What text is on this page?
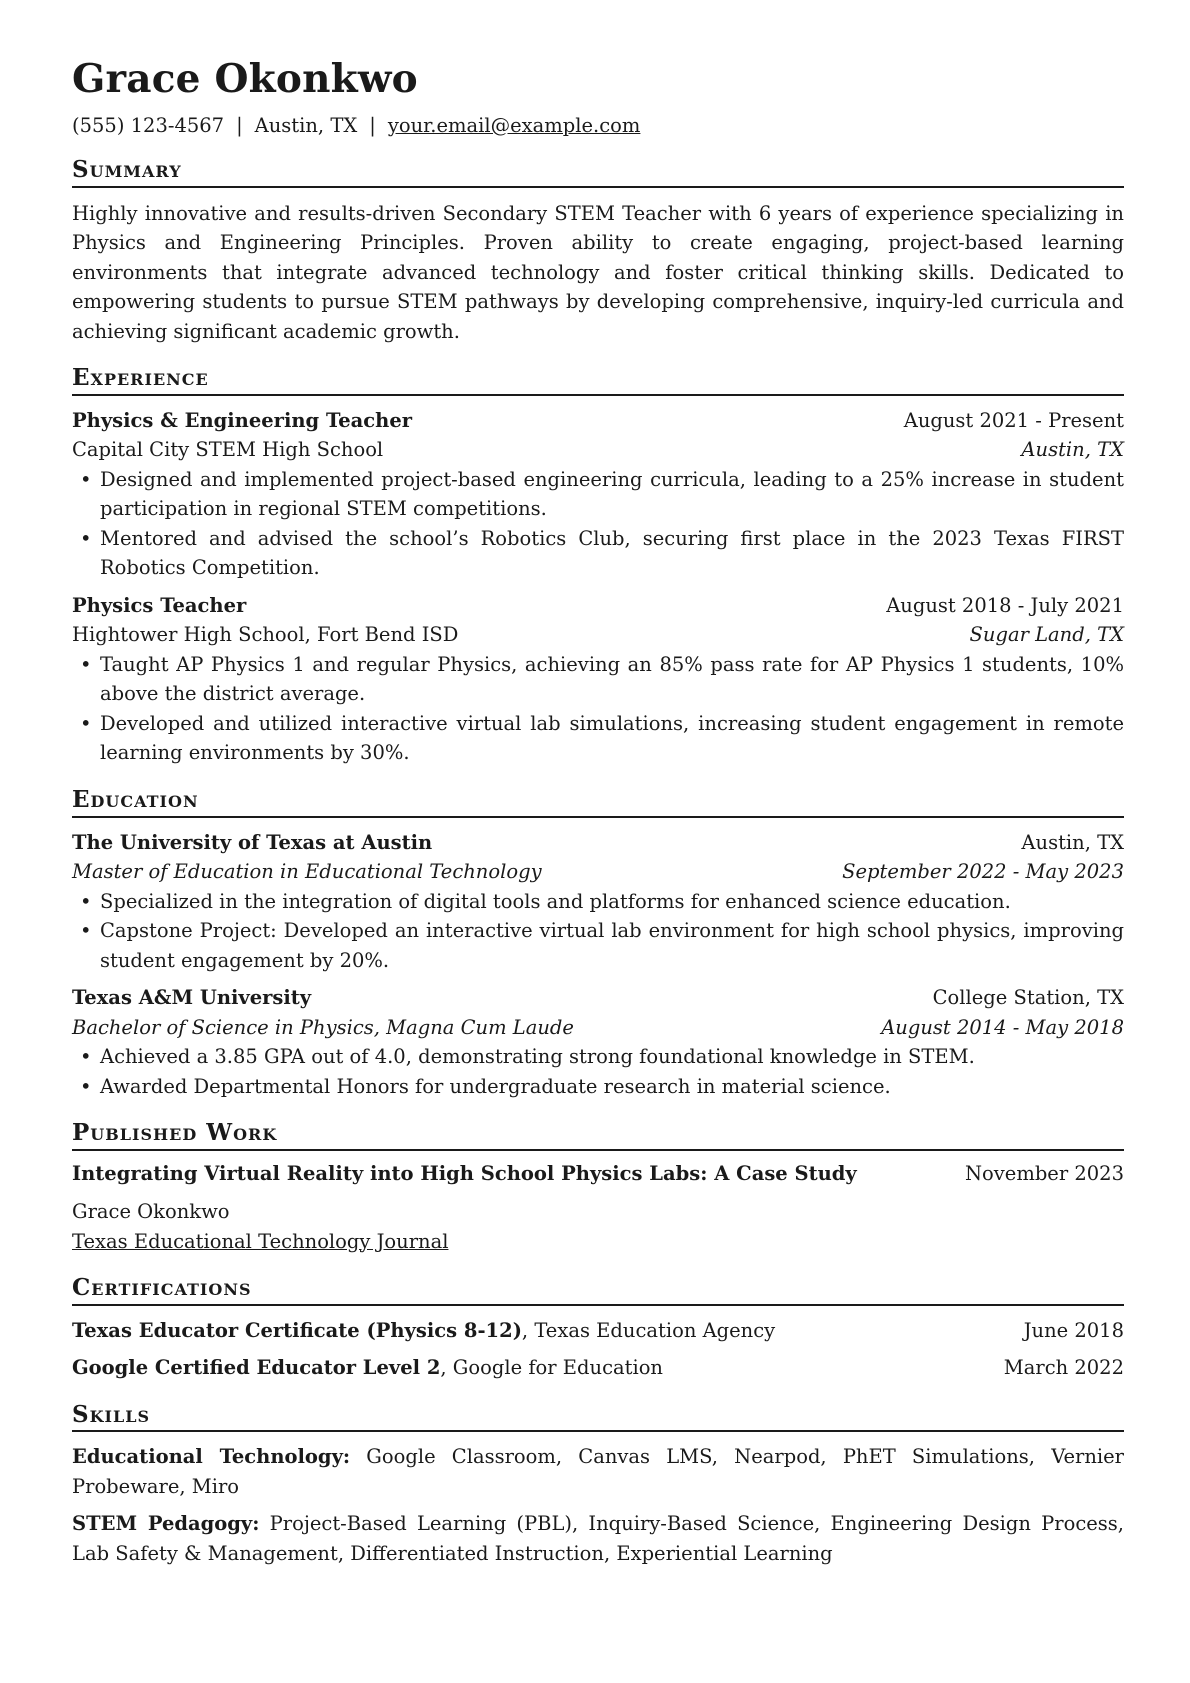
Grace Okonkwo
(555) 123-4567 | Austin, TX | your.email@example.com
Summary

Highly innovative and results-driven Secondary STEM Teacher with 6 years of experience specializing in Physics and Engineering Principles. Proven ability to create engaging, project-based learning environments that integrate advanced technology and foster critical thinking skills. Dedicated to empowering students to pursue STEM pathways by developing comprehensive, inquiry-led curricula and achieving significant academic growth.

Experience
Physics & Engineering Teacher	August 2021 - Present
Capital City STEM High School	Austin, TX
• Designed and implemented project-based engineering curricula, leading to a 25% increase in student participation in regional STEM competitions.
• Mentored and advised the school’s Robotics Club, securing first place in the 2023 Texas FIRST Robotics Competition.
Physics Teacher	August 2018 - July 2021
Hightower High School, Fort Bend ISD	Sugar Land, TX
• Taught AP Physics 1 and regular Physics, achieving an 85% pass rate for AP Physics 1 students, 10% above the district average.
• Developed and utilized interactive virtual lab simulations, increasing student engagement in remote learning environments by 30%.
Education
The University of Texas at Austin	Austin, TX
Master of Education in Educational Technology	September 2022 - May 2023
• Specialized in the integration of digital tools and platforms for enhanced science education.
• Capstone Project: Developed an interactive virtual lab environment for high school physics, improving student engagement by 20%.
Texas A&M University	College Station, TX
Bachelor of Science in Physics, Magna Cum Laude	August 2014 - May 2018
• Achieved a 3.85 GPA out of 4.0, demonstrating strong foundational knowledge in STEM.
• Awarded Departmental Honors for undergraduate research in material science.
Published Work
Integrating Virtual Reality into High School Physics Labs: A Case Study	November 2023
Grace Okonkwo
Texas Educational Technology Journal
Certifications
Texas Educator Certificate (Physics 8-12), Texas Education Agency	June 2018
Google Certified Educator Level 2, Google for Education	March 2022
Skills

Educational Technology: Google Classroom, Canvas LMS, Nearpod, PhET Simulations, Vernier Probeware, Miro

STEM Pedagogy: Project-Based Learning (PBL), Inquiry-Based Science, Engineering Design Process, Lab Safety & Management, Differentiated Instruction, Experiential Learning
